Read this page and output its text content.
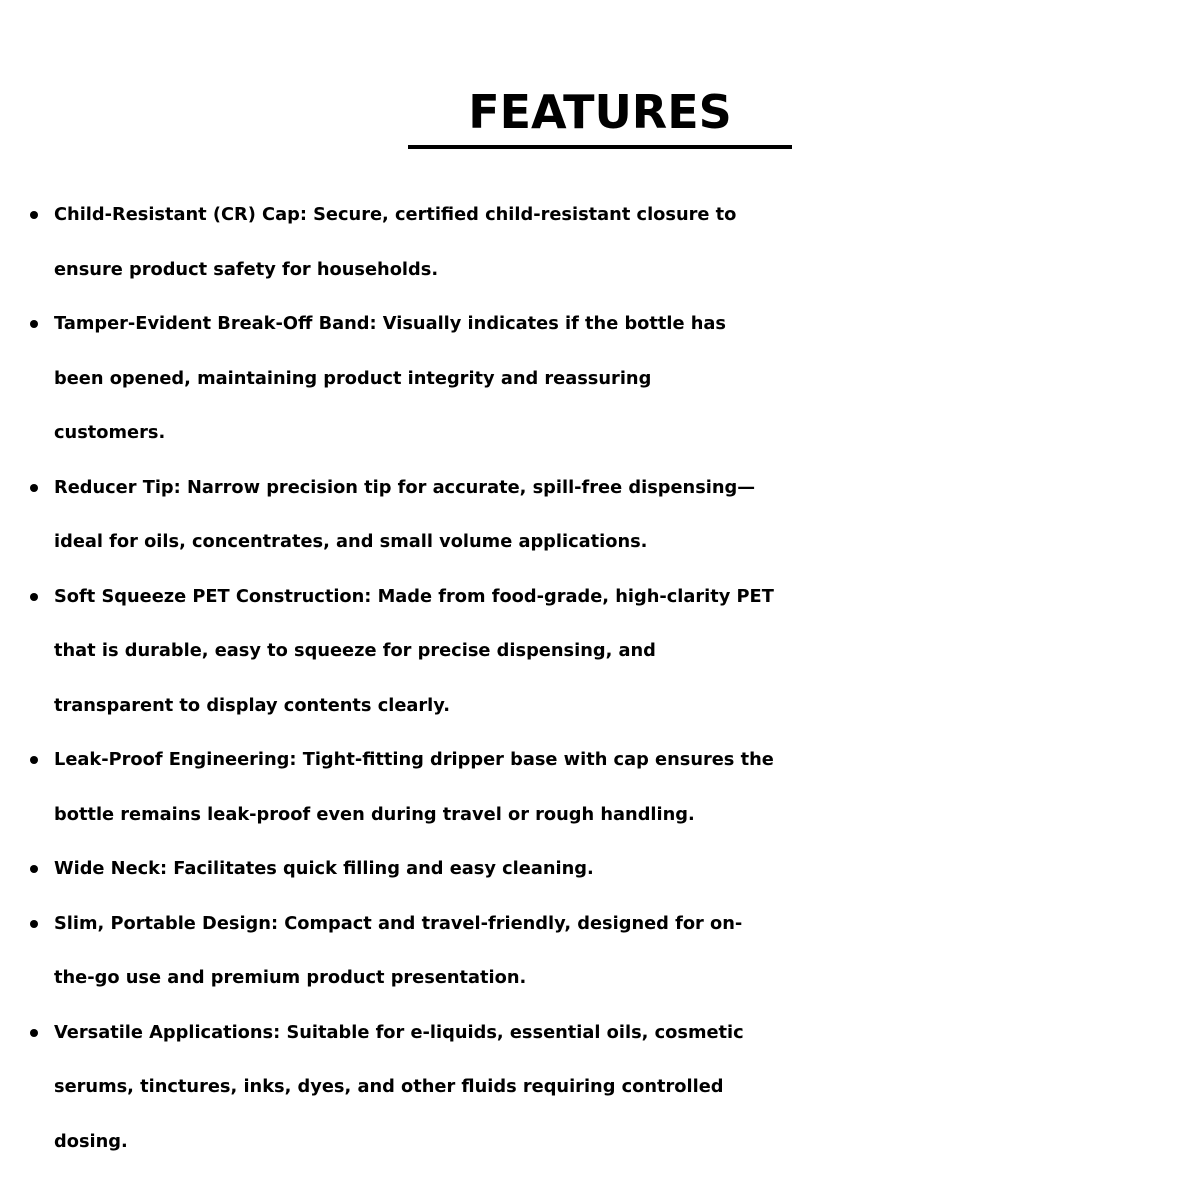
FEATURES
Child-Resistant (CR) Cap: Secure, certified child-resistant closure to
ensure product safety for households.
Tamper-Evident Break-Off Band: Visually indicates if the bottle has
been opened, maintaining product integrity and reassuring
customers.
Reducer Tip: Narrow precision tip for accurate, spill-free dispensing—
ideal for oils, concentrates, and small volume applications.
Soft Squeeze PET Construction: Made from food-grade, high-clarity PET
that is durable, easy to squeeze for precise dispensing, and
transparent to display contents clearly.
Leak-Proof Engineering: Tight-fitting dripper base with cap ensures the
bottle remains leak-proof even during travel or rough handling.
Wide Neck: Facilitates quick filling and easy cleaning.
Slim, Portable Design: Compact and travel-friendly, designed for on-
the-go use and premium product presentation.
Versatile Applications: Suitable for e-liquids, essential oils, cosmetic
serums, tinctures, inks, dyes, and other fluids requiring controlled
dosing.
